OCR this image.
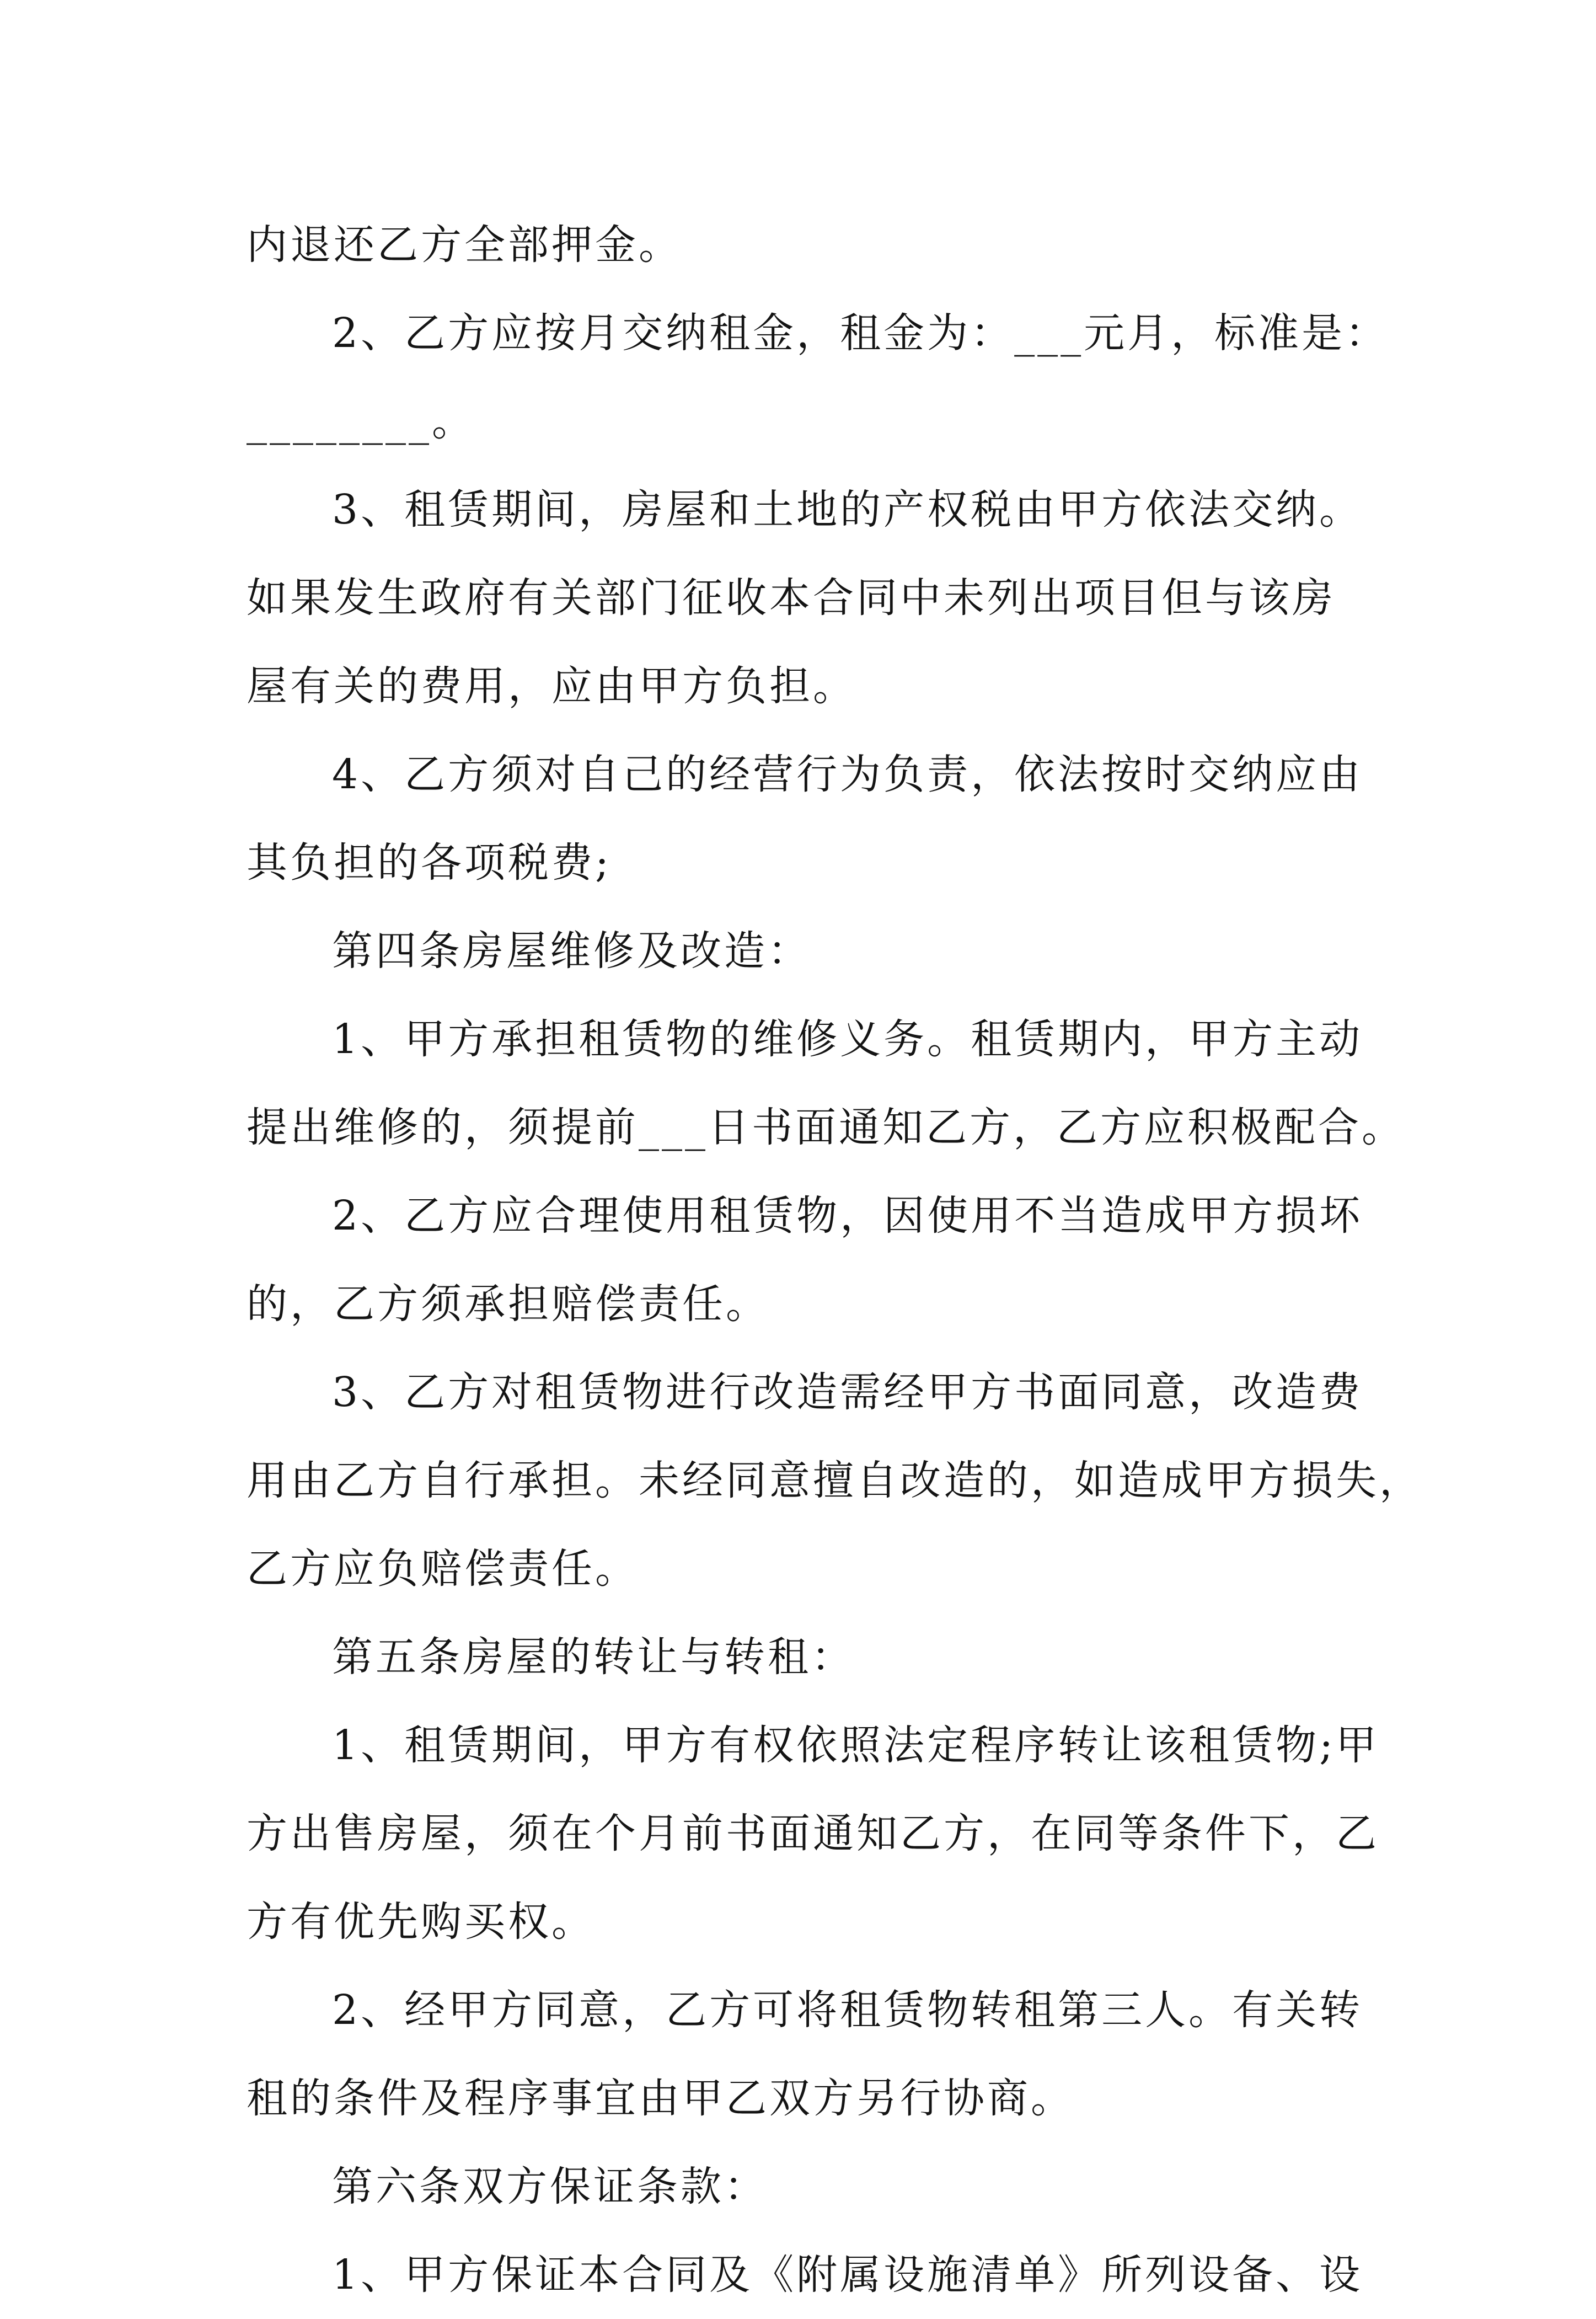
内退还乙方全部押金。
2、乙方应按月交纳租金，租金为：___元月，标准是：
________。
3、租赁期间，房屋和土地的产权税由甲方依法交纳。
如果发生政府有关部门征收本合同中未列出项目但与该房
屋有关的费用，应由甲方负担。
4、乙方须对自己的经营行为负责，依法按时交纳应由
其负担的各项税费;
第四条房屋维修及改造：
1、甲方承担租赁物的维修义务。租赁期内，甲方主动
提出维修的，须提前___日书面通知乙方，乙方应积极配合。
2、乙方应合理使用租赁物，因使用不当造成甲方损坏
的，乙方须承担赔偿责任。
3、乙方对租赁物进行改造需经甲方书面同意，改造费
用由乙方自行承担。未经同意擅自改造的，如造成甲方损失，
乙方应负赔偿责任。
第五条房屋的转让与转租：
1、租赁期间，甲方有权依照法定程序转让该租赁物;甲
方出售房屋，须在个月前书面通知乙方，在同等条件下，乙
方有优先购买权。
2、经甲方同意，乙方可将租赁物转租第三人。有关转
租的条件及程序事宜由甲乙双方另行协商。
第六条双方保证条款：
1、甲方保证本合同及《附属设施清单》所列设备、设
